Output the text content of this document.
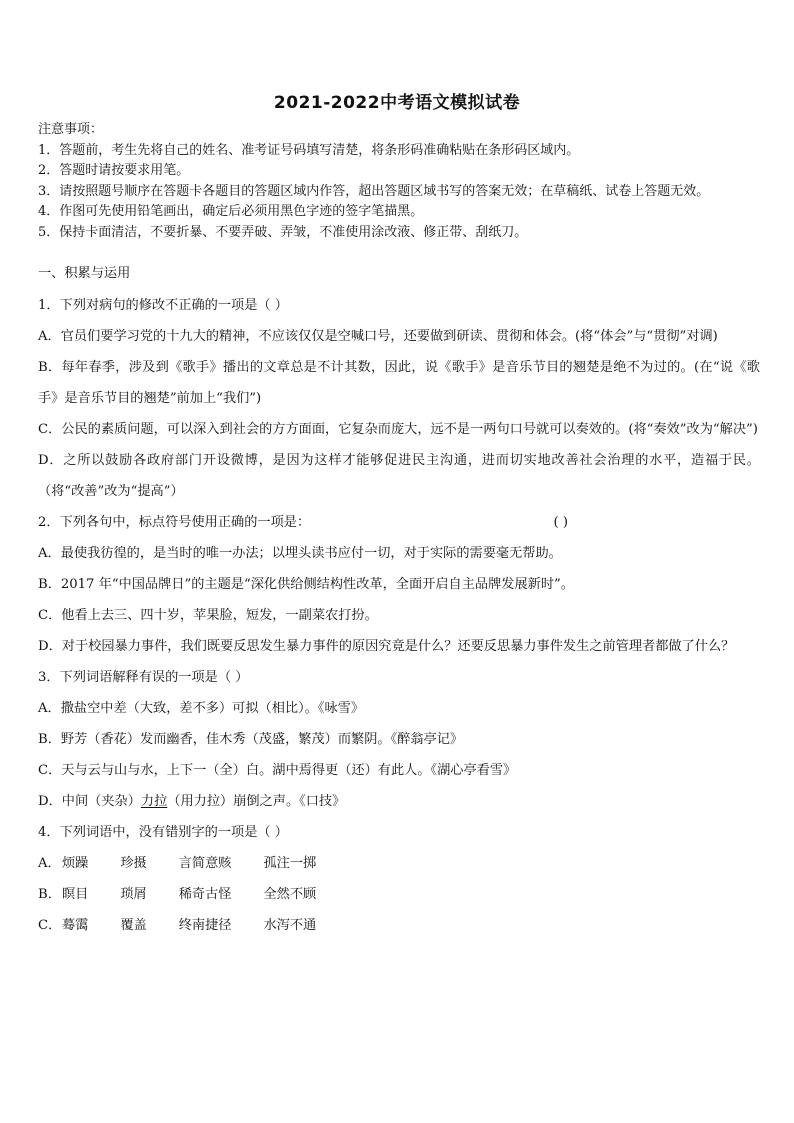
2021-2022中考语文模拟试卷
注意事项：
1．答题前，考生先将自己的姓名、准考证号码填写清楚，将条形码准确粘贴在条形码区域内。
2．答题时请按要求用笔。
3．请按照题号顺序在答题卡各题目的答题区域内作答，超出答题区域书写的答案无效；在草稿纸、试卷上答题无效。
4．作图可先使用铅笔画出，确定后必须用黑色字迹的签字笔描黑。
5．保持卡面清洁，不要折暴、不要弄破、弄皱，不准使用涂改液、修正带、刮纸刀。
一、积累与运用
1．下列对病句的修改不正确的一项是（ ）
A．官员们要学习党的十九大的精神，不应该仅仅是空喊口号，还要做到研读、贯彻和体会。(将“体会”与“贯彻”对调)
B．每年春季，涉及到《歌手》播出的文章总是不计其数，因此，说《歌手》是音乐节目的翘楚是绝不为过的。(在“说《歌手》是音乐节目的翘楚”前加上“我们”)
C．公民的素质问题，可以深入到社会的方方面面，它复杂而庞大，远不是一两句口号就可以奏效的。(将“奏效”改为“解决”)
D．之所以鼓励各政府部门开设微博，是因为这样才能够促进民主沟通，进而切实地改善社会治理的水平，造福于民。（将“改善”改为“提高”）
2．下列各句中，标点符号使用正确的一项是：	( )
A．最使我彷徨的，是当时的唯一办法；以埋头读书应付一切，对于实际的需要毫无帮助。
B．2017 年“中国品牌日”的主题是“深化供给侧结构性改革，全面开启自主品牌发展新时”。
C．他看上去三、四十岁，苹果脸，短发，一副菜农打扮。
D．对于校园暴力事件，我们既要反思发生暴力事件的原因究竟是什么？还要反思暴力事件发生之前管理者都做了什么？
3．下列词语解释有误的一项是（ ）
A．撒盐空中差（大致，差不多）可拟（相比）。《咏雪》
B．野芳（香花）发而幽香，佳木秀（茂盛，繁茂）而繁阴。《醉翁亭记》
C．天与云与山与水，上下一（全）白。湖中焉得更（还）有此人。《湖心亭看雪》
D．中间（夹杂）力拉（用力拉）崩倒之声。《口技》
4．下列词语中，没有错别字的一项是（ ）
A． 烦躁 珍摄 言简意赅 孤注一掷
B． 瞑目 琐屑 稀奇古怪 全然不顾
C． 蓦霭 覆盖 终南捷径 水泻不通
